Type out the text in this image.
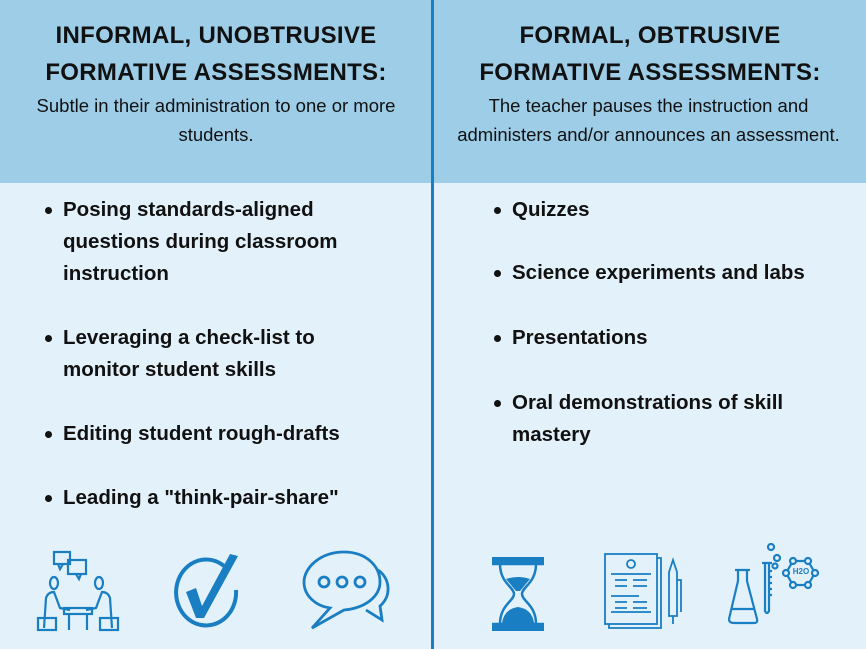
INFORMAL, UNOBTRUSIVE
FORMATIVE ASSESSMENTS:
Subtle in their administration to one or more students.
FORMAL, OBTRUSIVE
FORMATIVE ASSESSMENTS:
The teacher pauses the instruction and administers and/or announces an assessment.
Posing standards-aligned questions during classroom instruction
Leveraging a check-list to monitor student skills
Editing student rough-drafts
Leading a "think-pair-share"
Quizzes
Science experiments and labs
Presentations
Oral demonstrations of skill mastery
H2O
